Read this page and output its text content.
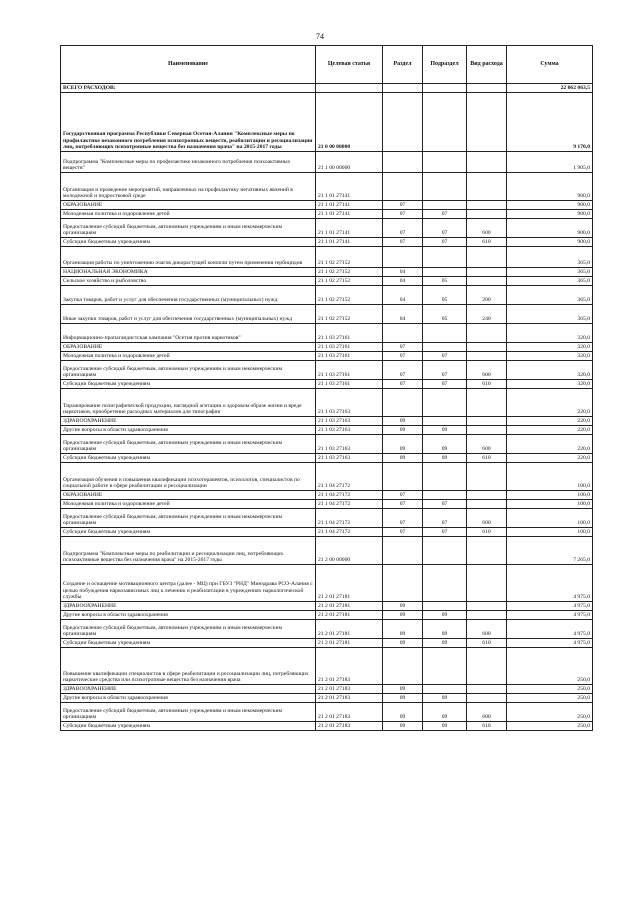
74
Наименование	Целевая статья	Раздел	Подраздел	Вид расхода	Сумма
ВСЕГО РАСХОДОВ:					22 062 063,5
Государственная программа Республики Северная Осетия-Алания "Комплексные меры по профилактике незаконного потребления психотропных веществ, реабилитации и ресоциализации лиц, потребляющих психотропные вещества без назначения врача" на 2015-2017 годы	21 0 00 00000				9 170,0
Подпрограмма "Комплексные меры по профилактике незаконного потребления психоактивных веществ"	21 1 00 00000				1 905,0
Организация и проведение мероприятий, направленных на профилактику негативных явлений в молодежной и подростковой среде	21 1 01 27141				900,0
ОБРАЗОВАНИЕ	21 1 01 27141	07			900,0
Молодежная политика и оздоровление детей	21 1 01 27141	07	07		900,0
Предоставление субсидий бюджетным, автономным учреждениям и иным некоммерческим организациям	21 1 01 27141	07	07	600	900,0
Субсидии бюджетным учреждениям	21 1 01 27141	07	07	610	900,0
Организация работы по уничтожению очагов дикорастущей конопли путем применения гербицидов	21 1 02 27152				365,0
НАЦИОНАЛЬНАЯ ЭКОНОМИКА	21 1 02 27152	04			365,0
Сельское хозяйство и рыболовство	21 1 02 27152	04	05		365,0
Закупка товаров, работ и услуг для обеспечения государственных (муниципальных) нужд	21 1 02 27152	04	05	200	365,0
Иные закупки товаров, работ и услуг для обеспечения государственных (муниципальных) нужд	21 1 02 27152	04	05	240	365,0
Информационно-пропагандистская кампания "Осетия против наркотиков"	21 1 03 27161				320,0
ОБРАЗОВАНИЕ	21 1 03 27161	07			320,0
Молодежная политика и оздоровление детей	21 1 03 27161	07	07		320,0
Предоставление субсидий бюджетным, автономным учреждениям и иным некоммерческим организациям	21 1 03 27161	07	07	600	320,0
Субсидии бюджетным учреждениям	21 1 03 27161	07	07	610	320,0
Тиражирование полиграфической продукции, наглядной агитации о здоровом образе жизни и вреде наркотиков, приобретение расходных материалов для типографии	21 1 03 27163				220,0
ЗДРАВООХРАНЕНИЕ	21 1 03 27163	09			220,0
Другие вопросы в области здравоохранения	21 1 03 27163	09	09		220,0
Предоставление субсидий бюджетным, автономным учреждениям и иным некоммерческим организациям	21 1 03 27163	09	09	600	220,0
Субсидии бюджетным учреждениям	21 1 03 27163	09	09	610	220,0
Организация обучения и повышения квалификации психотерапевтов, психологов, специалистов по социальной работе в сфере реабилитации и ресоциализации	21 1 04 27172				100,0
ОБРАЗОВАНИЕ	21 1 04 27172	07			100,0
Молодежная политика и оздоровление детей	21 1 04 27172	07	07		100,0
Предоставление субсидий бюджетным, автономным учреждениям и иным некоммерческим организациям	21 1 04 27172	07	07	600	100,0
Субсидии бюджетным учреждениям	21 1 04 27172	07	07	610	100,0
Подпрограмма "Комплексные меры по реабилитации и ресоциализации лиц, потребляющих психоактивные вещества без назначения врача" на 2015-2017 годы	21 2 00 00000				7 265,0
Создание и оснащение мотивационного центра (далее - МЦ) при ГБУЗ "РНД" Минздрава РСО-Алания с целью побуждения наркозависимых лиц к лечению и реабилитации в учреждениях наркологической службы	21 2 01 27181				4 975,0
ЗДРАВООХРАНЕНИЕ	21 2 01 27181	09			4 975,0
Другие вопросы в области здравоохранения	21 2 01 27181	09	09		4 975,0
Предоставление субсидий бюджетным, автономным учреждениям и иным некоммерческим организациям	21 2 01 27181	09	09	600	4 975,0
Субсидии бюджетным учреждениям	21 2 01 27181	09	09	610	4 975,0
Повышение квалификации специалистов в сфере реабилитации и ресоциализации лиц, потребляющих наркотические средства или психотропные вещества без назначения врача	21 2 01 27183				250,0
ЗДРАВООХРАНЕНИЕ	21 2 01 27183	09			250,0
Другие вопросы в области здравоохранения	21 2 01 27183	09	09		250,0
Предоставление субсидий бюджетным, автономным учреждениям и иным некоммерческим организациям	21 2 01 27183	09	09	600	250,0
Субсидии бюджетным учреждениям	21 2 01 27183	09	09	610	250,0
